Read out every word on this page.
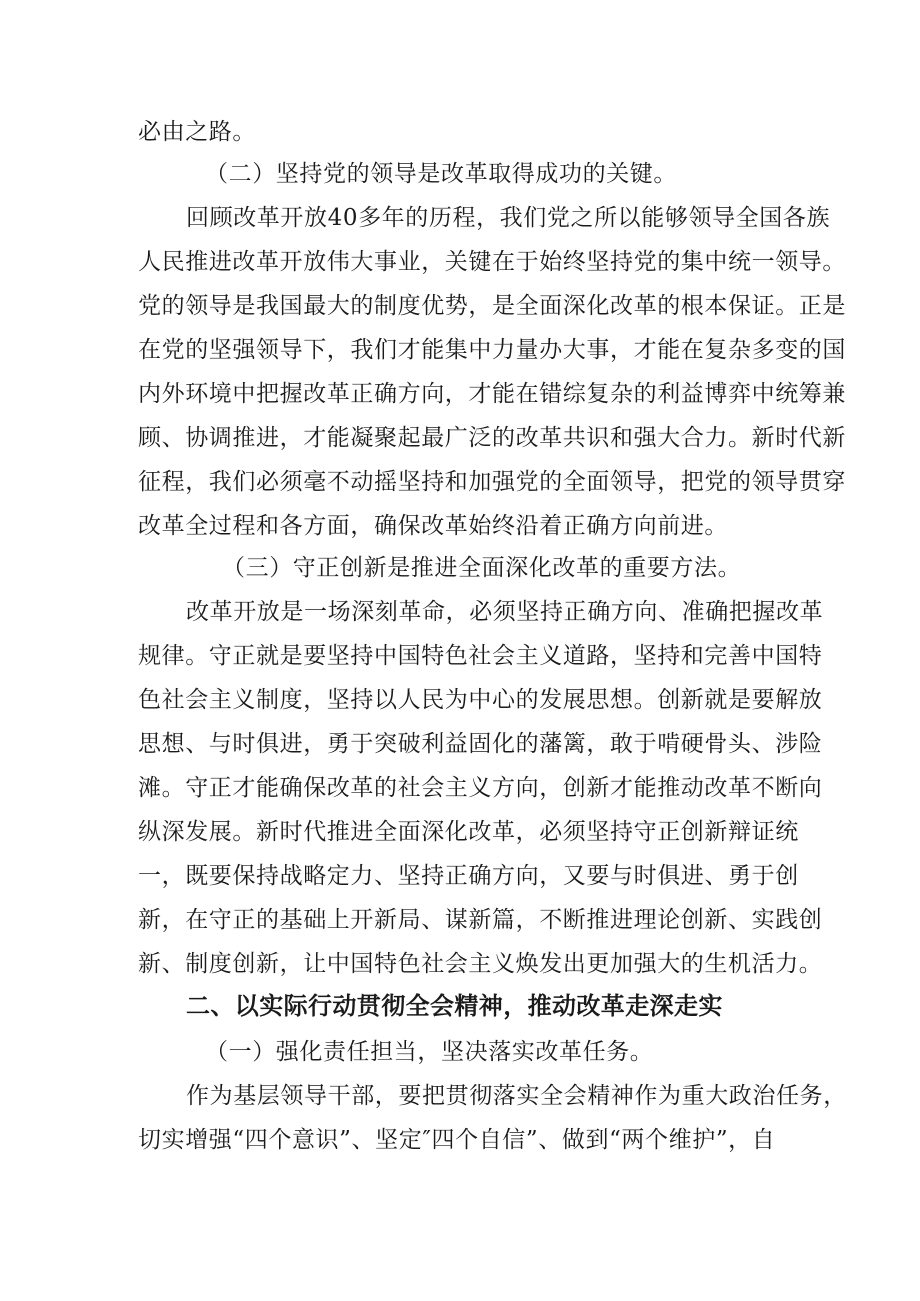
必由之路。
（二）坚持党的领导是改革取得成功的关键。
回顾改革开放40多年的历程，我们党之所以能够领导全国各族
人民推进改革开放伟大事业，关键在于始终坚持党的集中统一领导。
党的领导是我国最大的制度优势，是全面深化改革的根本保证。正是
在党的坚强领导下，我们才能集中力量办大事，才能在复杂多变的国
内外环境中把握改革正确方向，才能在错综复杂的利益博弈中统筹兼
顾、协调推进，才能凝聚起最广泛的改革共识和强大合力。新时代新
征程，我们必须毫不动摇坚持和加强党的全面领导，把党的领导贯穿
改革全过程和各方面，确保改革始终沿着正确方向前进。
（三）守正创新是推进全面深化改革的重要方法。
改革开放是一场深刻革命，必须坚持正确方向、准确把握改革
规律。守正就是要坚持中国特色社会主义道路，坚持和完善中国特
色社会主义制度，坚持以人民为中心的发展思想。创新就是要解放
思想、与时俱进，勇于突破利益固化的藩篱，敢于啃硬骨头、涉险
滩。守正才能确保改革的社会主义方向，创新才能推动改革不断向
纵深发展。新时代推进全面深化改革，必须坚持守正创新辩证统
一，既要保持战略定力、坚持正确方向，又要与时俱进、勇于创
新，在守正的基础上开新局、谋新篇，不断推进理论创新、实践创
新、制度创新，让中国特色社会主义焕发出更加强大的生机活力。
二、以实际行动贯彻全会精神，推动改革走深走实
（一）强化责任担当，坚决落实改革任务。
作为基层领导干部，要把贯彻落实全会精神作为重大政治任务，
切实增强“四个意识”、坚定″四个自信”、做到“两个维护”，自
